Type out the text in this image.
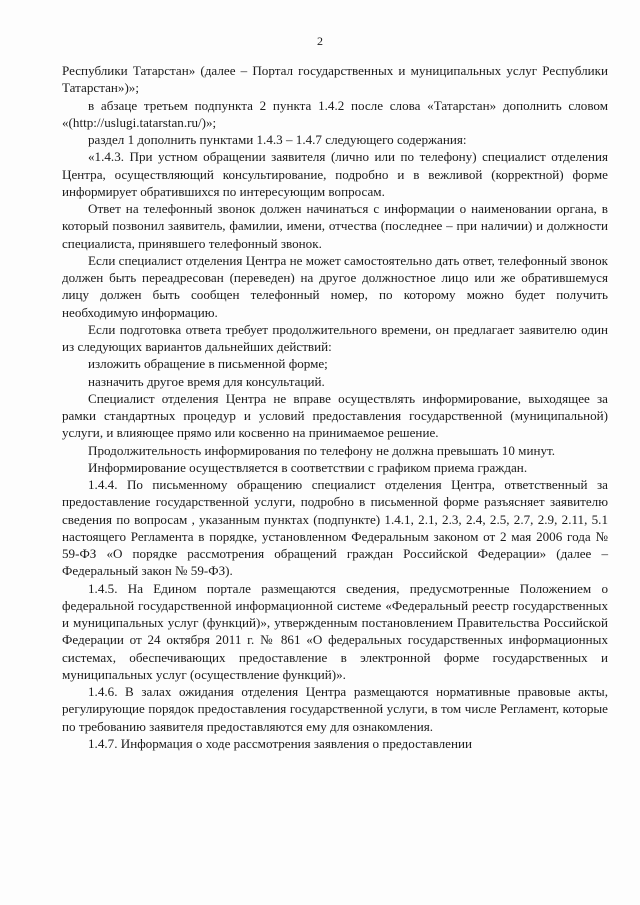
2

Республики Татарстан» (далее – Портал государственных и муниципальных услуг Республики Татарстан»)»;

в абзаце третьем подпункта 2 пункта 1.4.2 после слова «Татарстан» дополнить словом «(http://uslugi.tatarstan.ru/)»;

раздел 1 дополнить пунктами 1.4.3 – 1.4.7 следующего содержания:

«1.4.3. При устном обращении заявителя (лично или по телефону) специалист отделения Центра, осуществляющий консультирование, подробно и в вежливой (корректной) форме информирует обратившихся по интересующим вопросам.

Ответ на телефонный звонок должен начинаться с информации о наименовании органа, в который позвонил заявитель, фамилии, имени, отчества (последнее – при наличии) и должности специалиста, принявшего телефонный звонок.

Если специалист отделения Центра не может самостоятельно дать ответ, телефонный звонок должен быть переадресован (переведен) на другое должностное лицо или же обратившемуся лицу должен быть сообщен телефонный номер, по которому можно будет получить необходимую информацию.

Если подготовка ответа требует продолжительного времени, он предлагает заявителю один из следующих вариантов дальнейших действий:

изложить обращение в письменной форме;

назначить другое время для консультаций.

Специалист отделения Центра не вправе осуществлять информирование, выходящее за рамки стандартных процедур и условий предоставления государственной (муниципальной) услуги, и влияющее прямо или косвенно на принимаемое решение.

Продолжительность информирования по телефону не должна превышать 10 минут.

Информирование осуществляется в соответствии с графиком приема граждан.

1.4.4. По письменному обращению специалист отделения Центра, ответственный за предоставление государственной услуги, подробно в письменной форме разъясняет заявителю сведения по вопросам , указанным пунктах (подпункте) 1.4.1, 2.1, 2.3, 2.4, 2.5, 2.7, 2.9, 2.11, 5.1 настоящего Регламента в порядке, установленном Федеральным законом от 2 мая 2006 года № 59-ФЗ «О порядке рассмотрения обращений граждан Российской Федерации» (далее – Федеральный закон № 59-ФЗ).

1.4.5. На Едином портале размещаются сведения, предусмотренные Положением о федеральной государственной информационной системе «Федеральный реестр государственных и муниципальных услуг (функций)», утвержденным постановлением Правительства Российской Федерации от 24 октября 2011 г. № 861 «О федеральных государственных информационных системах, обеспечивающих предоставление в электронной форме государственных и муниципальных услуг (осуществление функций)».

1.4.6. В залах ожидания отделения Центра размещаются нормативные правовые акты, регулирующие порядок предоставления государственной услуги, в том числе Регламент, которые по требованию заявителя предоставляются ему для ознакомления.

1.4.7. Информация о ходе рассмотрения заявления о предоставлении
